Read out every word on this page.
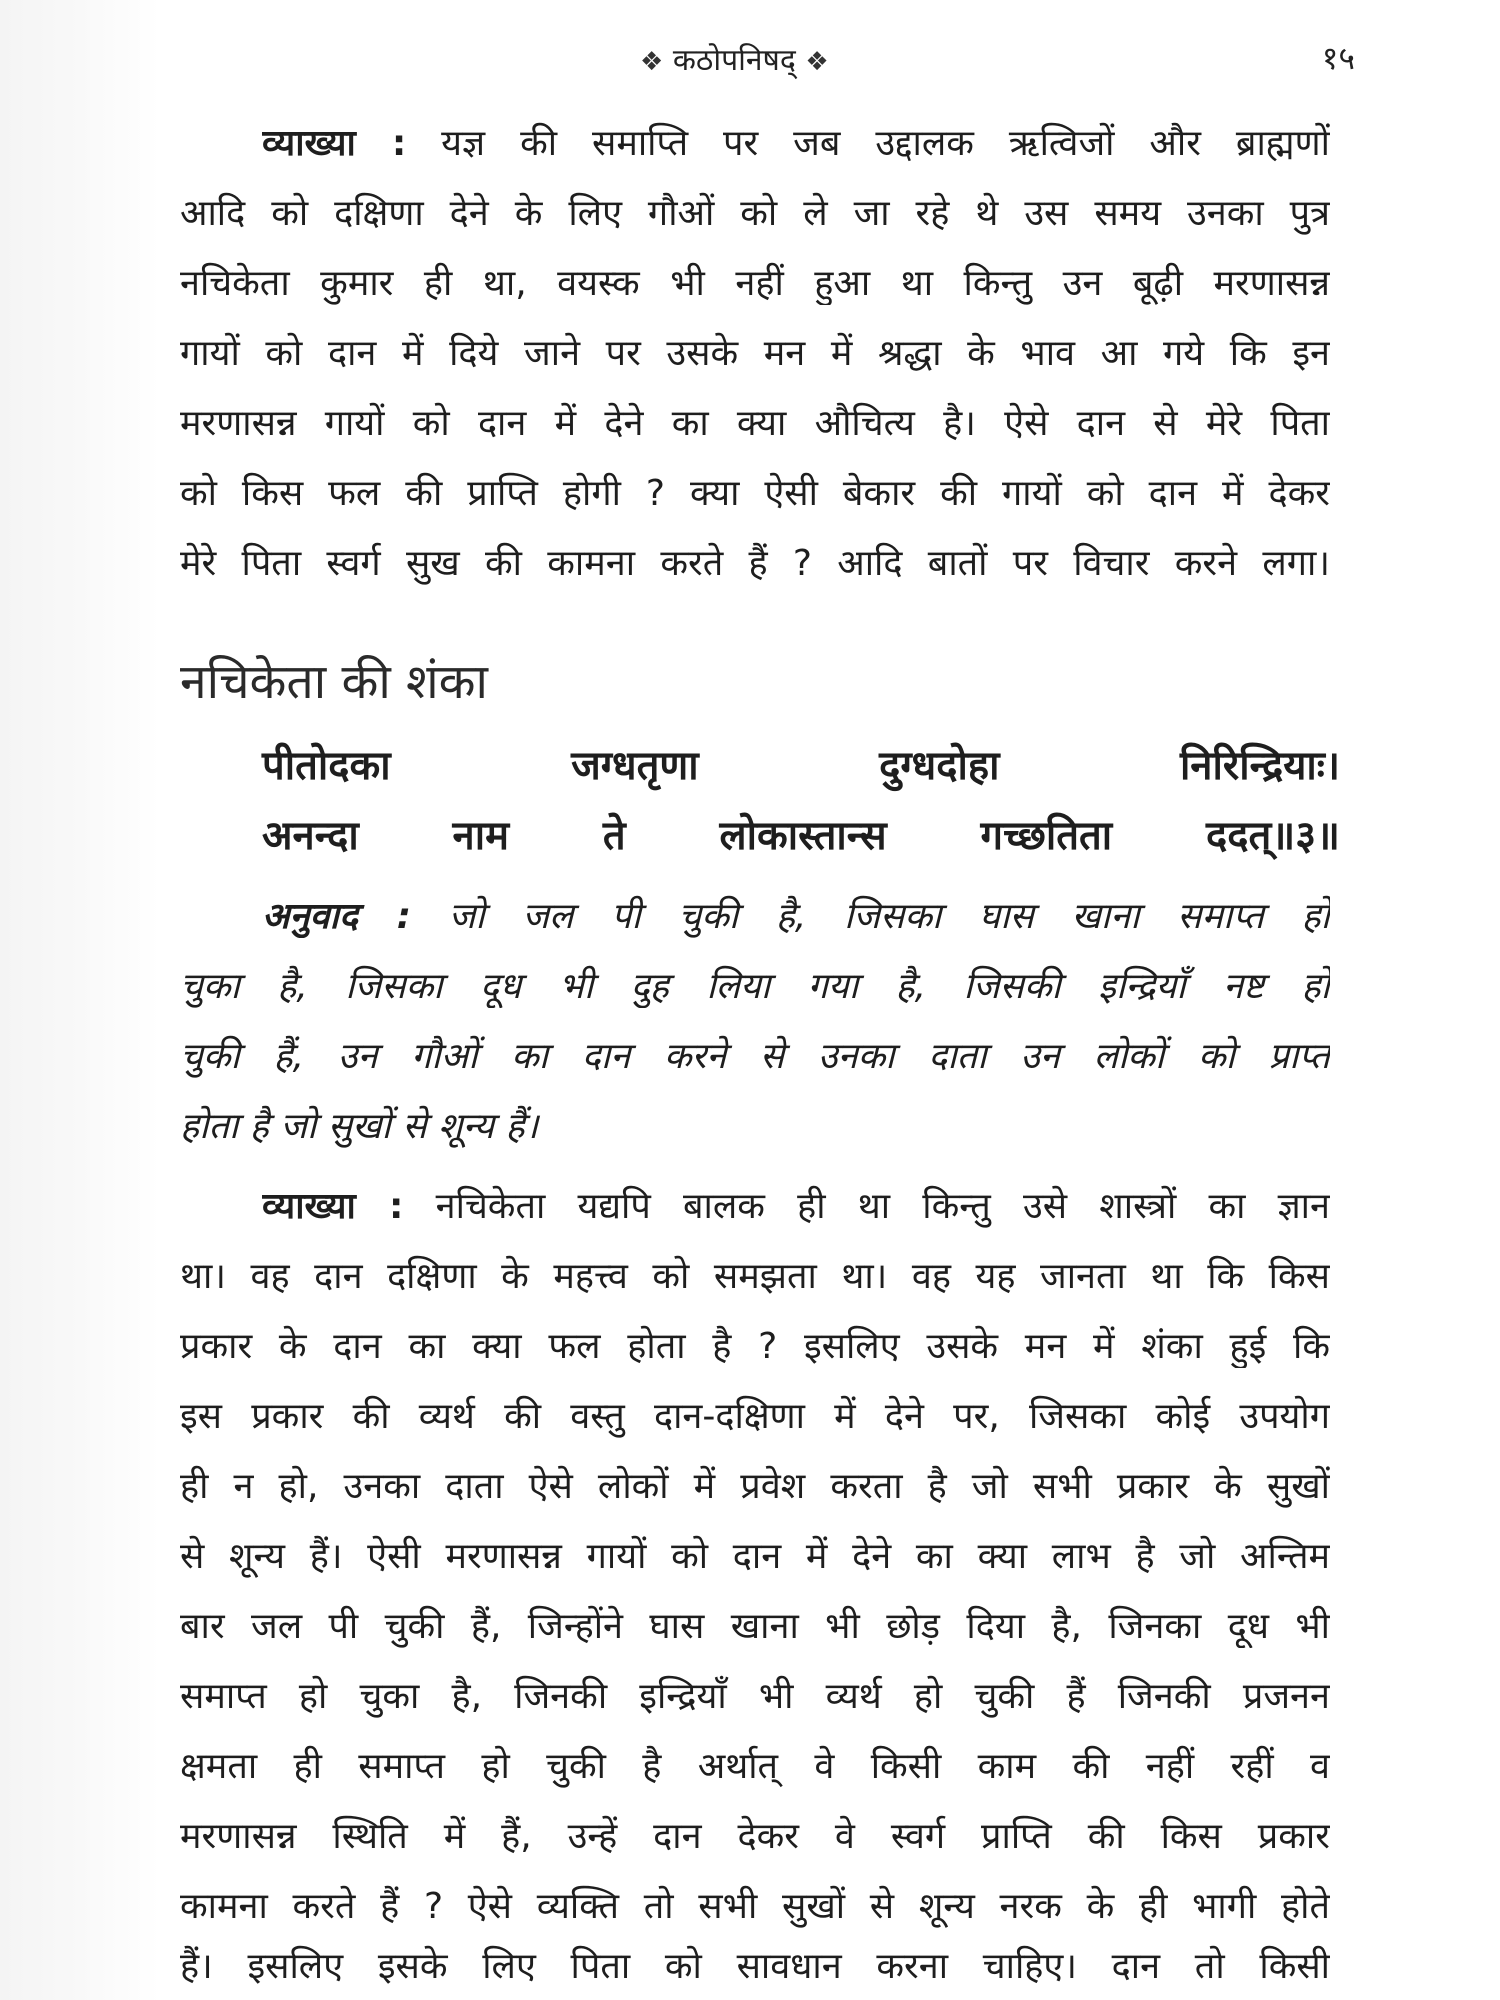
❖ कठोपनिषद् ❖	१५
व्याख्या : यज्ञ की समाप्ति पर जब उद्दालक ऋत्विजों और ब्राह्मणों
आदि को दक्षिणा देने के लिए गौओं को ले जा रहे थे उस समय उनका पुत्र
नचिकेता कुमार ही था, वयस्क भी नहीं हुआ था किन्तु उन बूढ़ी मरणासन्न
गायों को दान में दिये जाने पर उसके मन में श्रद्धा के भाव आ गये कि इन
मरणासन्न गायों को दान में देने का क्या औचित्य है। ऐसे दान से मेरे पिता
को किस फल की प्राप्ति होगी ? क्या ऐसी बेकार की गायों को दान में देकर
मेरे पिता स्वर्ग सुख की कामना करते हैं ? आदि बातों पर विचार करने लगा।
नचिकेता की शंका
पीतोदका जग्धतृणा दुग्धदोहा निरिन्द्रियाः।
अनन्दा नाम ते लोकास्तान्स गच्छतिता ददत्॥३॥
अनुवाद : जो जल पी चुकी है, जिसका घास खाना समाप्त हो
चुका है, जिसका दूध भी दुह लिया गया है, जिसकी इन्द्रियाँ नष्ट हो
चुकी हैं, उन गौओं का दान करने से उनका दाता उन लोकों को प्राप्त
होता है जो सुखों से शून्य हैं।
व्याख्या : नचिकेता यद्यपि बालक ही था किन्तु उसे शास्त्रों का ज्ञान
था। वह दान दक्षिणा के महत्त्व को समझता था। वह यह जानता था कि किस
प्रकार के दान का क्या फल होता है ? इसलिए उसके मन में शंका हुई कि
इस प्रकार की व्यर्थ की वस्तु दान-दक्षिणा में देने पर, जिसका कोई उपयोग
ही न हो, उनका दाता ऐसे लोकों में प्रवेश करता है जो सभी प्रकार के सुखों
से शून्य हैं। ऐसी मरणासन्न गायों को दान में देने का क्या लाभ है जो अन्तिम
बार जल पी चुकी हैं, जिन्होंने घास खाना भी छोड़ दिया है, जिनका दूध भी
समाप्त हो चुका है, जिनकी इन्द्रियाँ भी व्यर्थ हो चुकी हैं जिनकी प्रजनन
क्षमता ही समाप्त हो चुकी है अर्थात् वे किसी काम की नहीं रहीं व
मरणासन्न स्थिति में हैं, उन्हें दान देकर वे स्वर्ग प्राप्ति की किस प्रकार
कामना करते हैं ? ऐसे व्यक्ति तो सभी सुखों से शून्य नरक के ही भागी होते
हैं। इसलिए इसके लिए पिता को सावधान करना चाहिए। दान तो किसी
